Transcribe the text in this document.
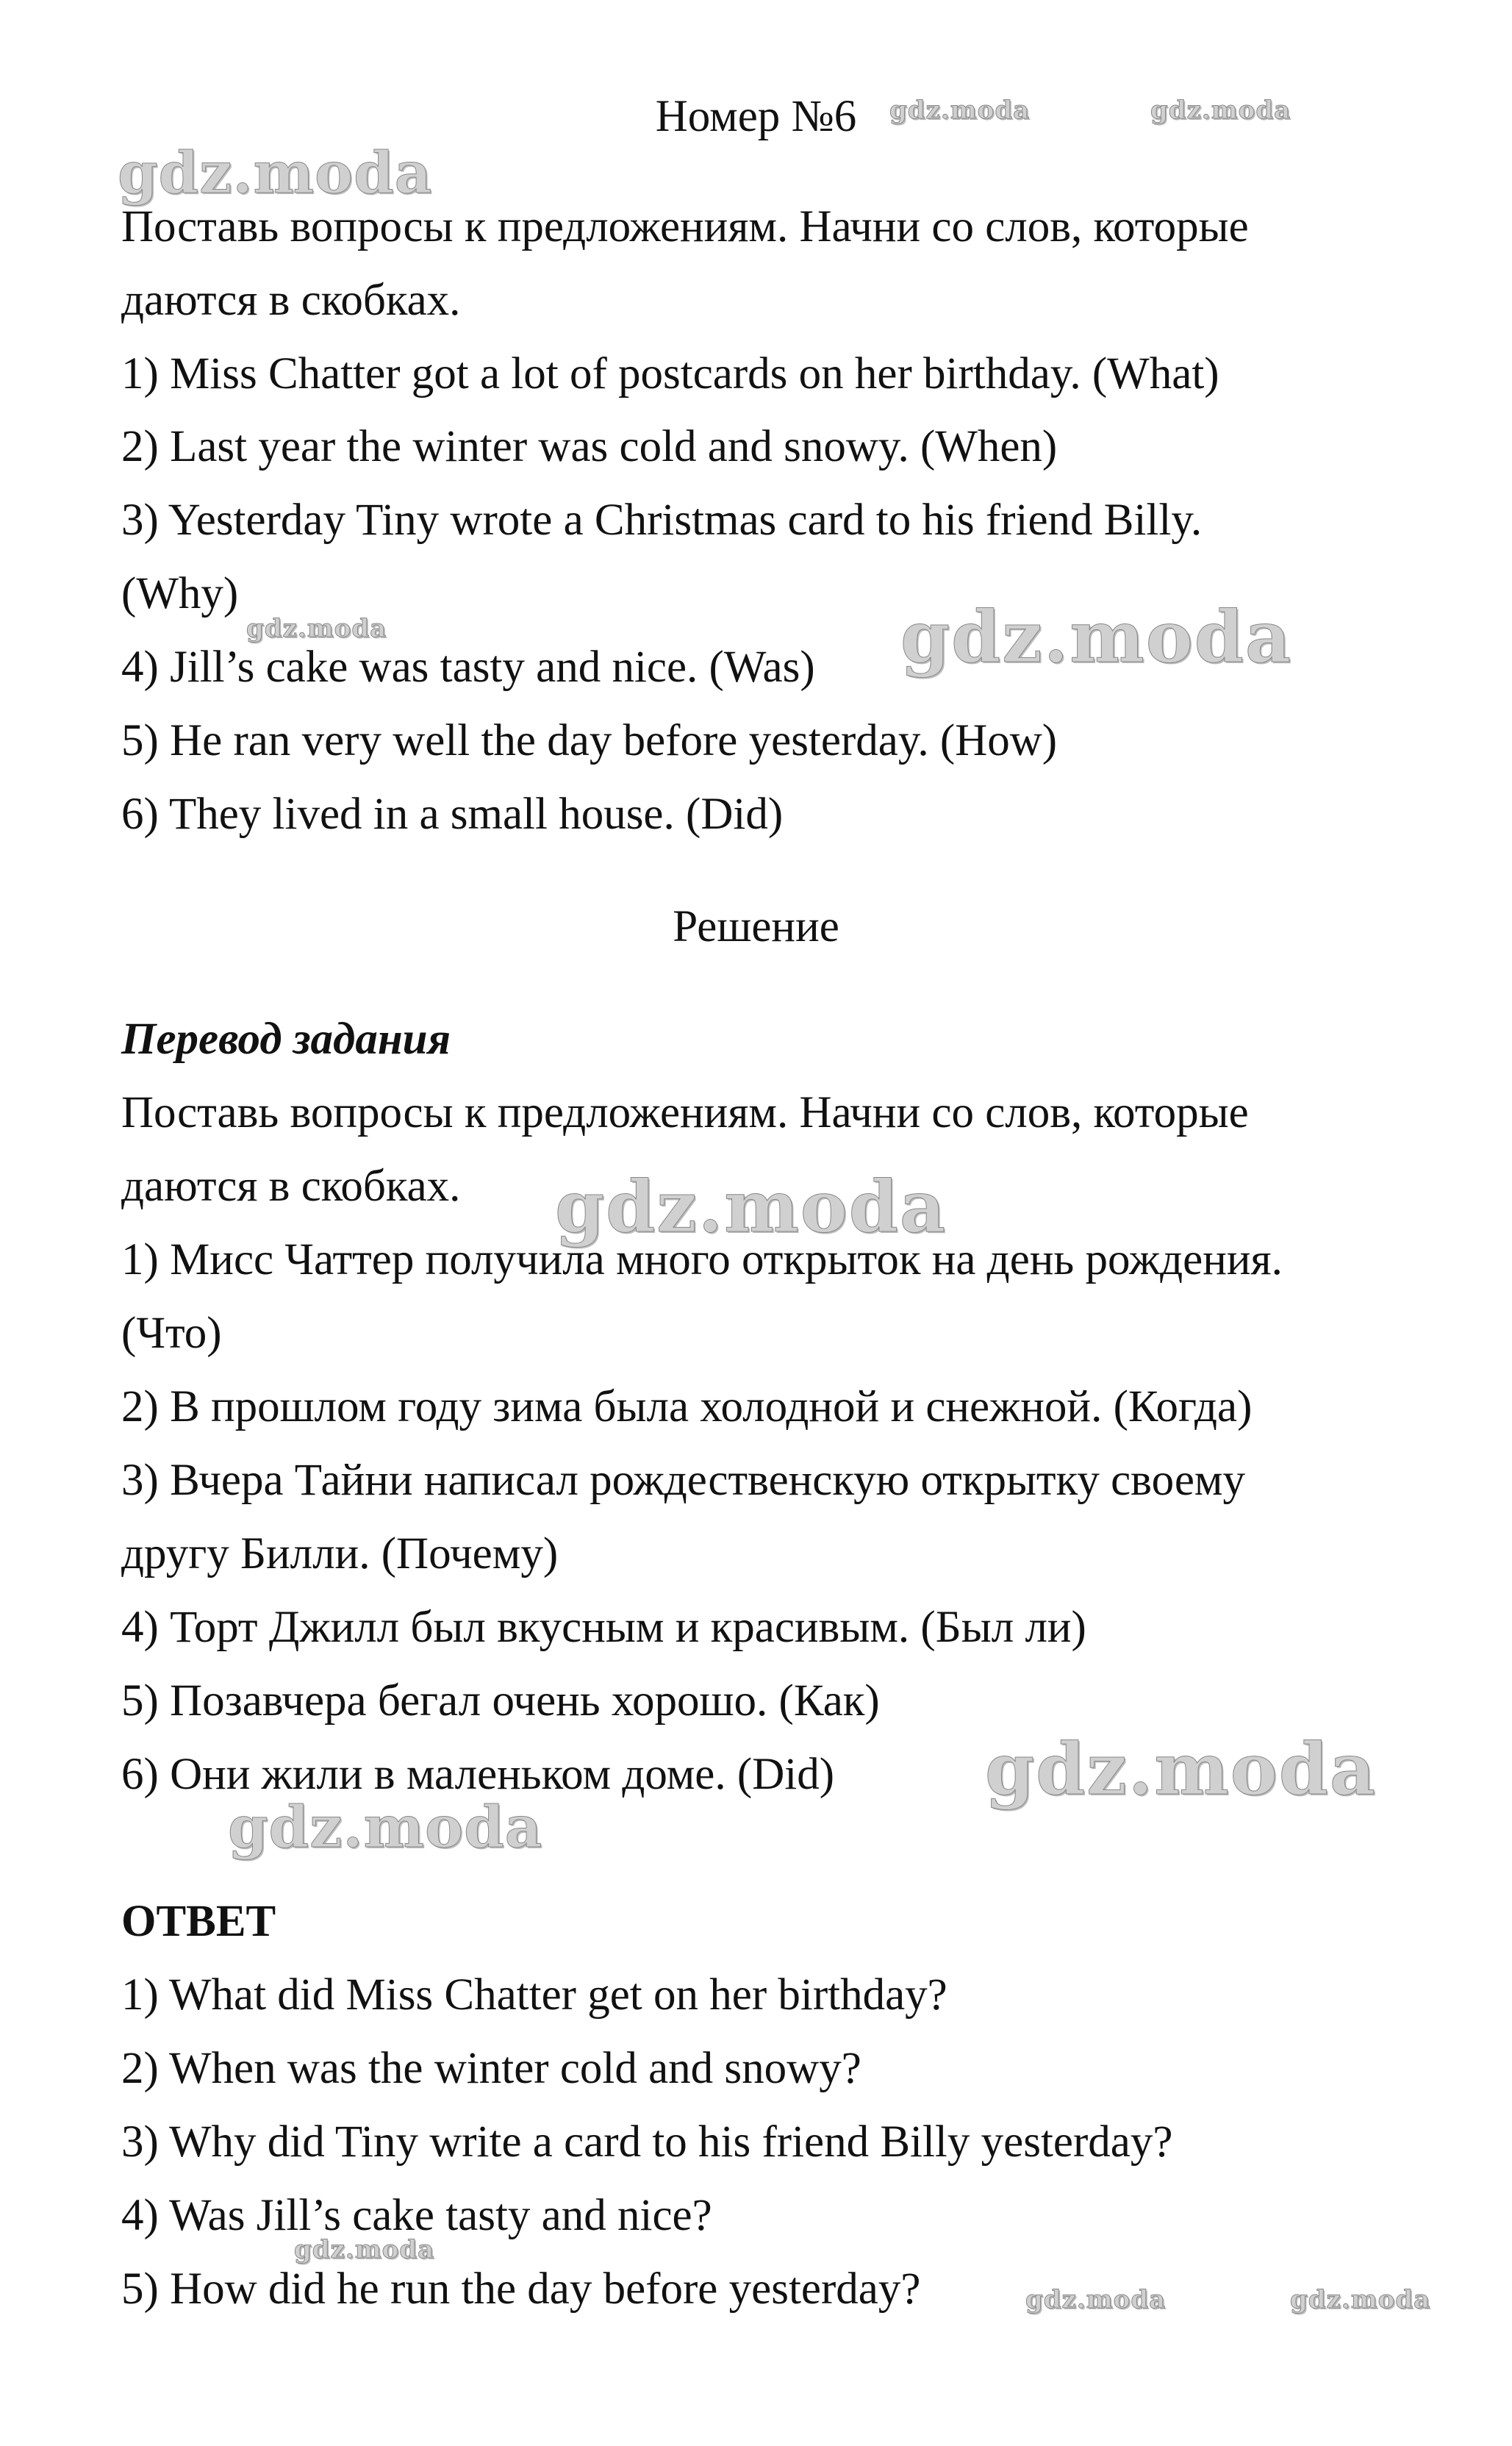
Номер №6
Поставь вопросы к предложениям. Начни со слов, которые
даются в скобках.
1) Miss Chatter got a lot of postcards on her birthday. (What)
2) Last year the winter was cold and snowy. (When)
3) Yesterday Tiny wrote a Christmas card to his friend Billy.
(Why)
4) Jill’s cake was tasty and nice. (Was)
5) He ran very well the day before yesterday. (How)
6) They lived in a small house. (Did)
Решение
Перевод задания
Поставь вопросы к предложениям. Начни со слов, которые
даются в скобках.
1) Мисс Чаттер получила много открыток на день рождения.
(Что)
2) В прошлом году зима была холодной и снежной. (Когда)
3) Вчера Тайни написал рождественскую открытку своему
другу Билли. (Почему)
4) Торт Джилл был вкусным и красивым. (Был ли)
5) Позавчера бегал очень хорошо. (Как)
6) Они жили в маленьком доме. (Did)
ОТВЕТ
1) What did Miss Chatter get on her birthday?
2) When was the winter cold and snowy?
3) Why did Tiny write a card to his friend Billy yesterday?
4) Was Jill’s cake tasty and nice?
5) How did he run the day before yesterday?
gdz.moda	gdz.moda
gdz.moda
gdz.moda	gdz.moda
gdz.moda
gdz.moda
gdz.moda
gdz.moda
gdz.moda	gdz.moda
